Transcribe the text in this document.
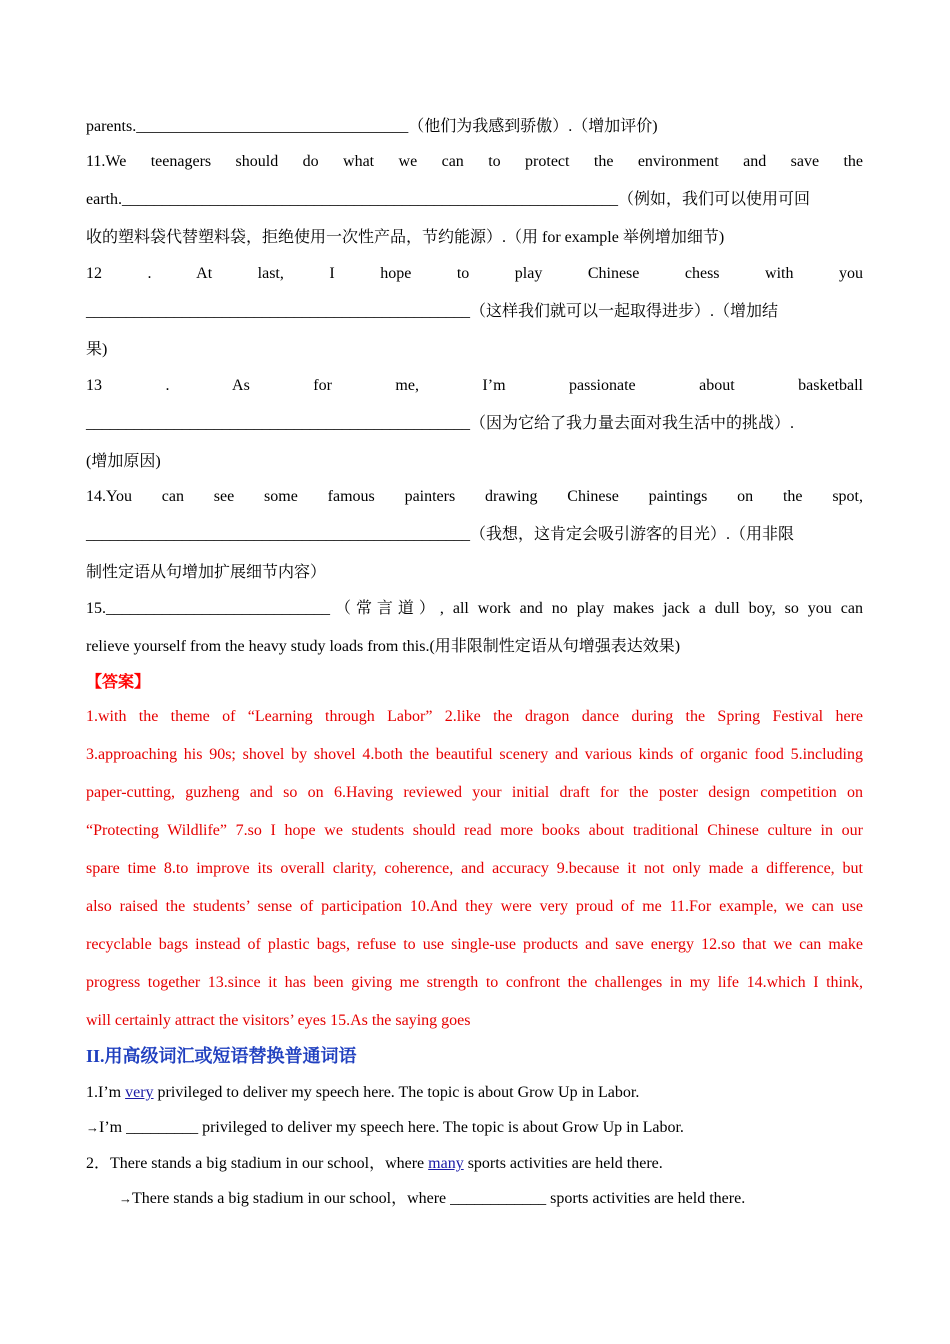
parents.__________________________________（他们为我感到骄傲）.（增加评价)
11.We teenagers should do what we can to protect the environment and save the
earth.______________________________________________________________（例如，我们可以使用可回
收的塑料袋代替塑料袋，拒绝使用一次性产品，节约能源）.（用 for example 举例增加细节)
12 . At last, I hope to play Chinese chess with you
________________________________________________（这样我们就可以一起取得进步）.（增加结
果)
13 . As for me, I’m passionate about basketball
________________________________________________（因为它给了我力量去面对我生活中的挑战）.
(增加原因)
14.You can see some famous painters drawing Chinese paintings on the spot,
________________________________________________（我想，这肯定会吸引游客的目光）.（用非限
制性定语从句增加扩展细节内容）
15.____________________________（常言道）, all work and no play makes jack a dull boy, so you can
relieve yourself from the heavy study loads from this.(用非限制性定语从句增强表达效果)
【答案】
1.with the theme of “Learning through Labor” 2.like the dragon dance during the Spring Festival here
3.approaching his 90s; shovel by shovel 4.both the beautiful scenery and various kinds of organic food 5.including
paper-cutting, guzheng and so on 6.Having reviewed your initial draft for the poster design competition on
“Protecting Wildlife” 7.so I hope we students should read more books about traditional Chinese culture in our
spare time 8.to improve its overall clarity, coherence, and accuracy 9.because it not only made a difference, but
also raised the students’ sense of participation 10.And they were very proud of me 11.For example, we can use
recyclable bags instead of plastic bags, refuse to use single-use products and save energy 12.so that we can make
progress together 13.since it has been giving me strength to confront the challenges in my life 14.which I think,
will certainly attract the visitors’ eyes 15.As the saying goes
II.用高级词汇或短语替换普通词语
1.I’m very privileged to deliver my speech here. The topic is about Grow Up in Labor.
→I’m _________ privileged to deliver my speech here. The topic is about Grow Up in Labor.
2．There stands a big stadium in our school，where many sports activities are held there.
→There stands a big stadium in our school，where ____________ sports activities are held there.
